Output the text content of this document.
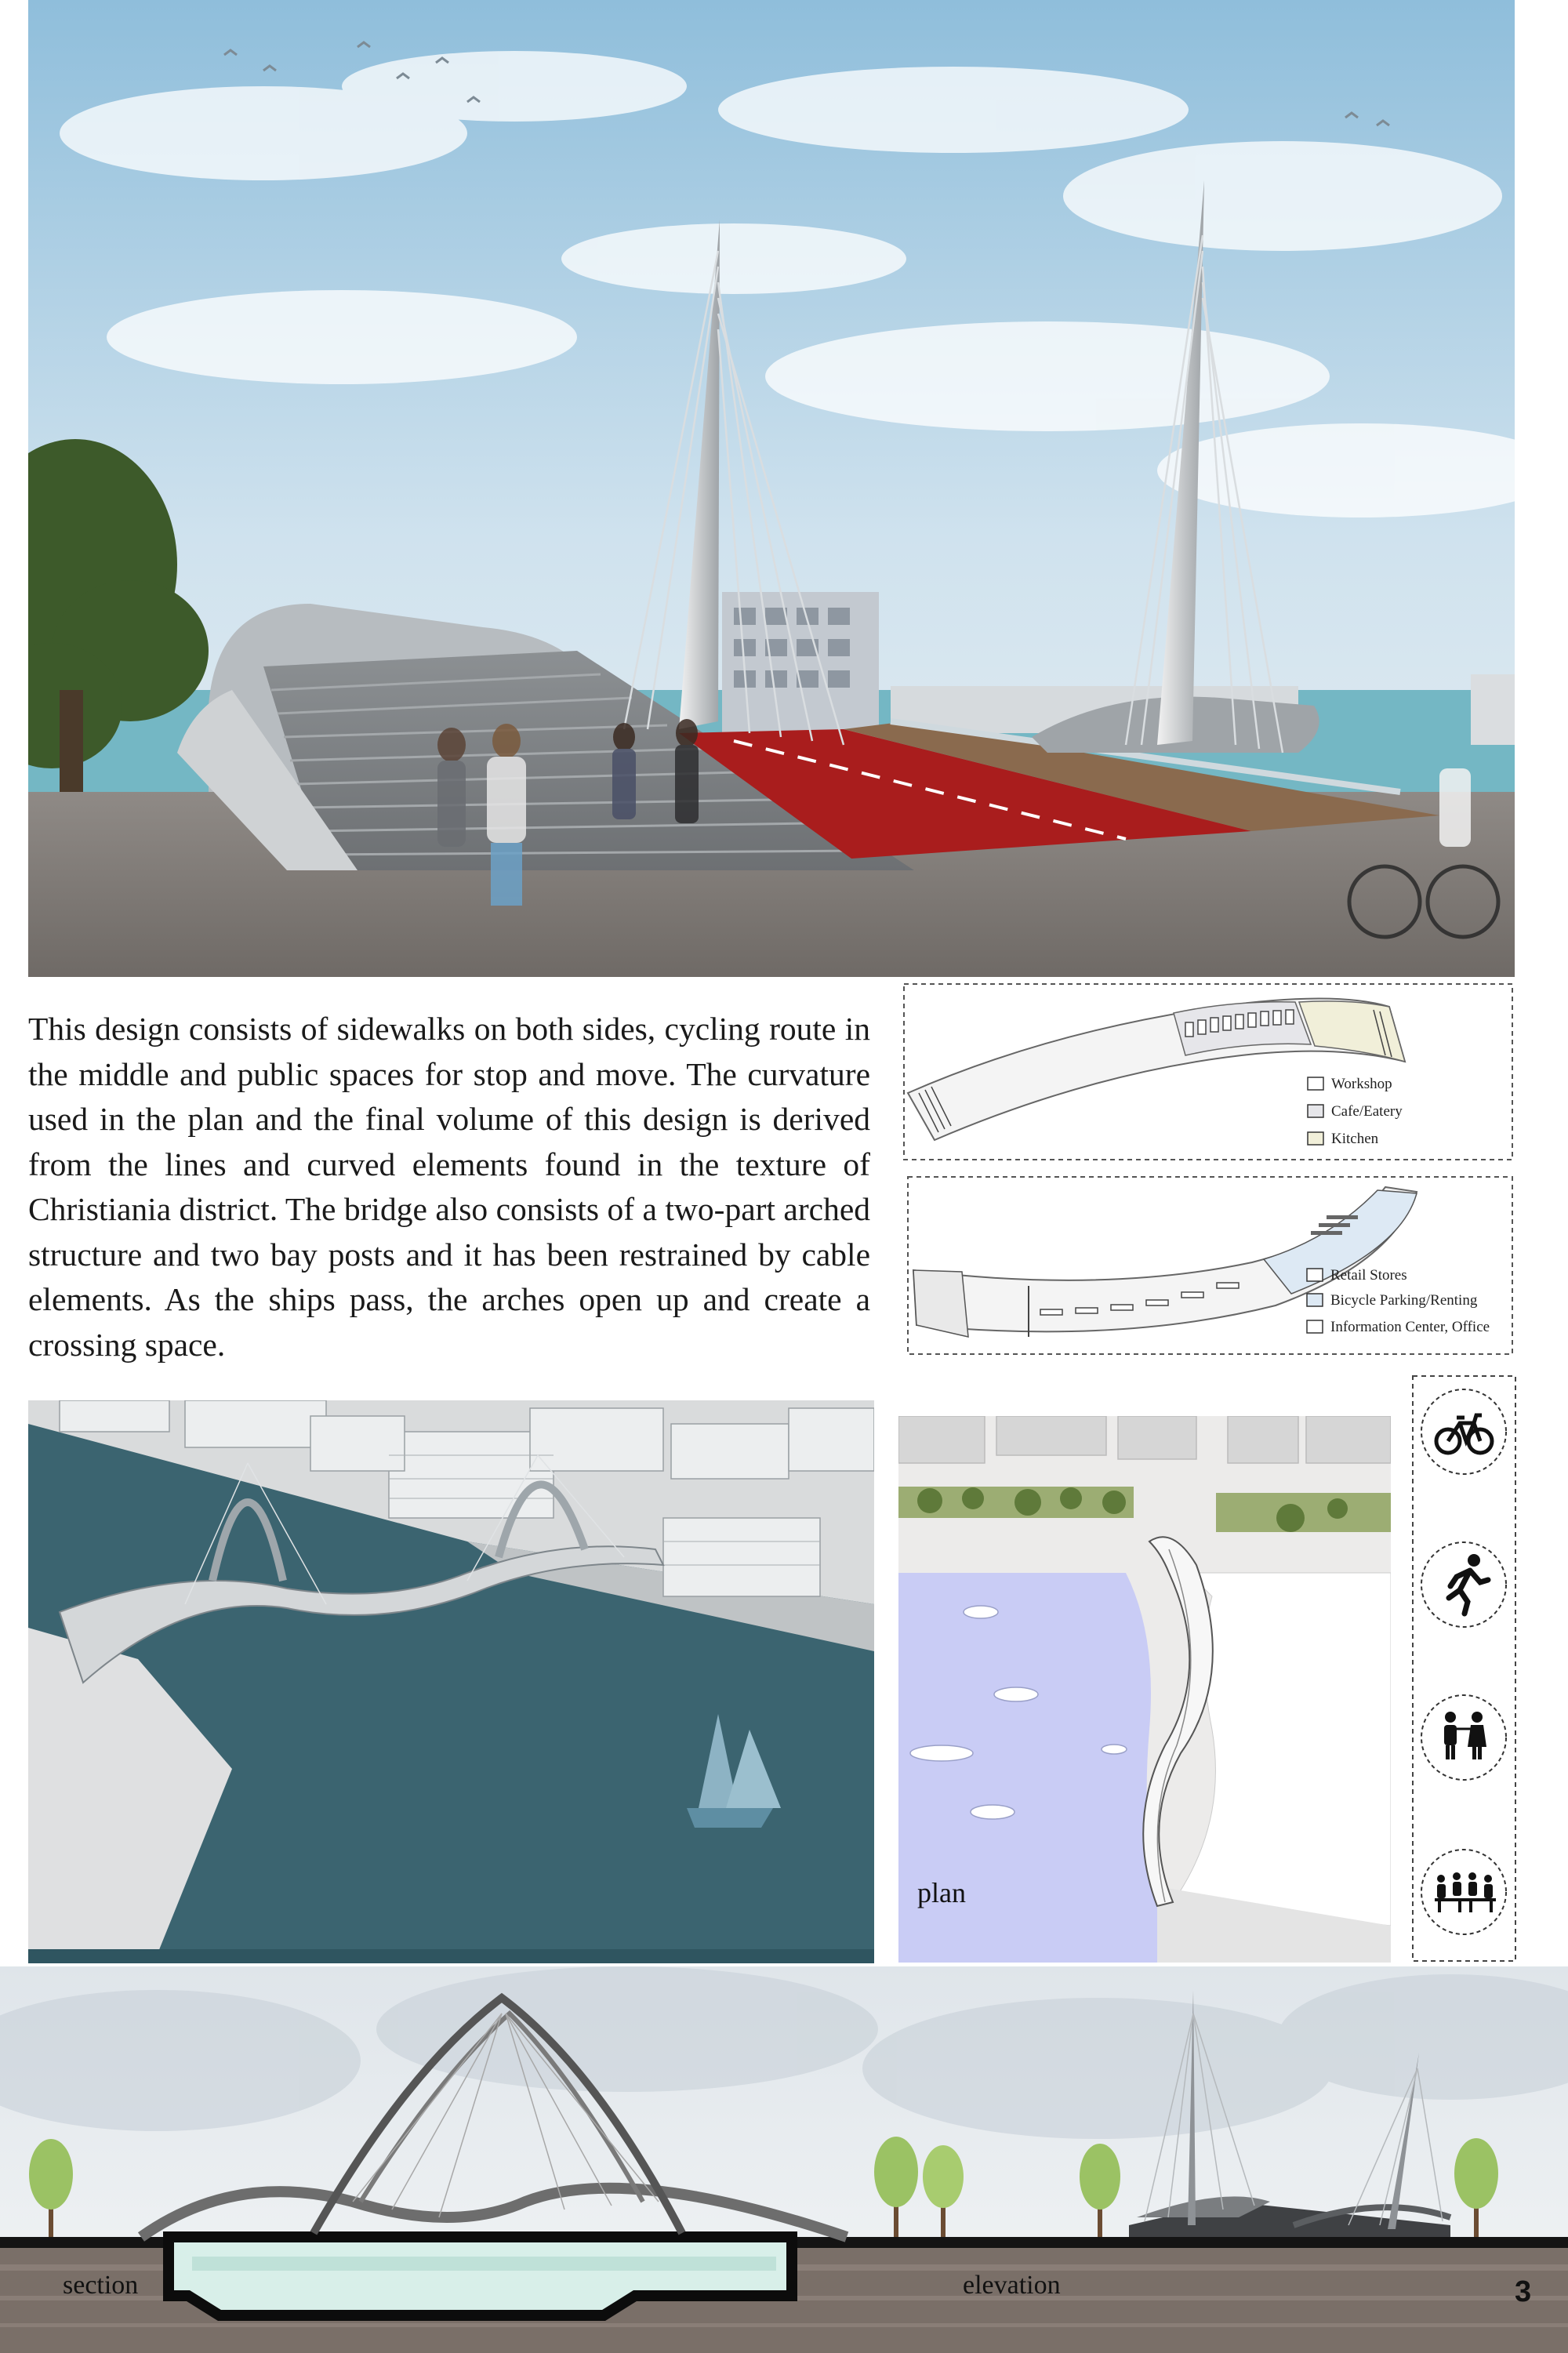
This design consists of sidewalks on both sides, cycling route in the middle and public spaces for stop and move. The curvature used in the plan and the final volume of this design is derived from the lines and curved elements found in the texture of Christiania district. The bridge also consists of a two-part arched structure and two bay posts and it has been restrained by cable elements. As the ships pass, the arches open up and create a crossing space.
Workshop
Cafe/Eatery
Kitchen
Retail Stores
Bicycle Parking/Renting
Information Center, Office
plan
section	elevation	3
